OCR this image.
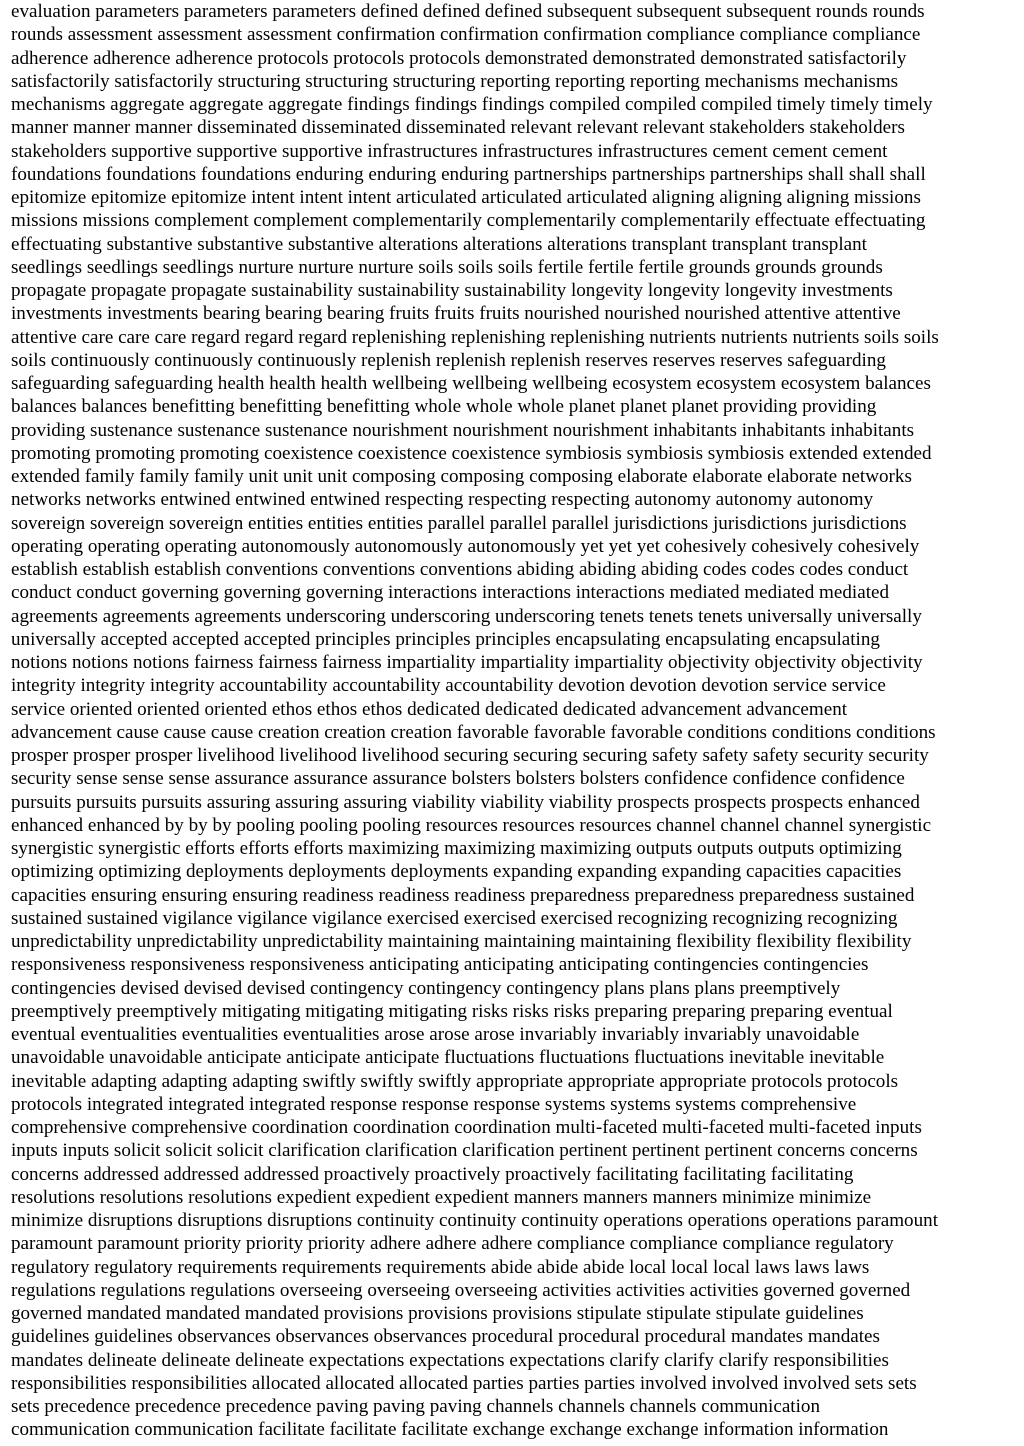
evaluation parameters parameters parameters defined defined defined subsequent subsequent subsequent rounds rounds
rounds assessment assessment assessment confirmation confirmation confirmation compliance compliance compliance
adherence adherence adherence protocols protocols protocols demonstrated demonstrated demonstrated satisfactorily
satisfactorily satisfactorily structuring structuring structuring reporting reporting reporting mechanisms mechanisms
mechanisms aggregate aggregate aggregate findings findings findings compiled compiled compiled timely timely timely
manner manner manner disseminated disseminated disseminated relevant relevant relevant stakeholders stakeholders
stakeholders supportive supportive supportive infrastructures infrastructures infrastructures cement cement cement
foundations foundations foundations enduring enduring enduring partnerships partnerships partnerships shall shall shall
epitomize epitomize epitomize intent intent intent articulated articulated articulated aligning aligning aligning missions
missions missions complement complement complementarily complementarily complementarily effectuate effectuating
effectuating substantive substantive substantive alterations alterations alterations transplant transplant transplant
seedlings seedlings seedlings nurture nurture nurture soils soils soils fertile fertile fertile grounds grounds grounds
propagate propagate propagate sustainability sustainability sustainability longevity longevity longevity investments
investments investments bearing bearing bearing fruits fruits fruits nourished nourished nourished attentive attentive
attentive care care care regard regard regard replenishing replenishing replenishing nutrients nutrients nutrients soils soils
soils continuously continuously continuously replenish replenish replenish reserves reserves reserves safeguarding
safeguarding safeguarding health health health wellbeing wellbeing wellbeing ecosystem ecosystem ecosystem balances
balances balances benefitting benefitting benefitting whole whole whole planet planet planet providing providing
providing sustenance sustenance sustenance nourishment nourishment nourishment inhabitants inhabitants inhabitants
promoting promoting promoting coexistence coexistence coexistence symbiosis symbiosis symbiosis extended extended
extended family family family unit unit unit composing composing composing elaborate elaborate elaborate networks
networks networks entwined entwined entwined respecting respecting respecting autonomy autonomy autonomy
sovereign sovereign sovereign entities entities entities parallel parallel parallel jurisdictions jurisdictions jurisdictions
operating operating operating autonomously autonomously autonomously yet yet yet cohesively cohesively cohesively
establish establish establish conventions conventions conventions abiding abiding abiding codes codes codes conduct
conduct conduct governing governing governing interactions interactions interactions mediated mediated mediated
agreements agreements agreements underscoring underscoring underscoring tenets tenets tenets universally universally
universally accepted accepted accepted principles principles principles encapsulating encapsulating encapsulating
notions notions notions fairness fairness fairness impartiality impartiality impartiality objectivity objectivity objectivity
integrity integrity integrity accountability accountability accountability devotion devotion devotion service service
service oriented oriented oriented ethos ethos ethos dedicated dedicated dedicated advancement advancement
advancement cause cause cause creation creation creation favorable favorable favorable conditions conditions conditions
prosper prosper prosper livelihood livelihood livelihood securing securing securing safety safety safety security security
security sense sense sense assurance assurance assurance bolsters bolsters bolsters confidence confidence confidence
pursuits pursuits pursuits assuring assuring assuring viability viability viability prospects prospects prospects enhanced
enhanced enhanced by by by pooling pooling pooling resources resources resources channel channel channel synergistic
synergistic synergistic efforts efforts efforts maximizing maximizing maximizing outputs outputs outputs optimizing
optimizing optimizing deployments deployments deployments expanding expanding expanding capacities capacities
capacities ensuring ensuring ensuring readiness readiness readiness preparedness preparedness preparedness sustained
sustained sustained vigilance vigilance vigilance exercised exercised exercised recognizing recognizing recognizing
unpredictability unpredictability unpredictability maintaining maintaining maintaining flexibility flexibility flexibility
responsiveness responsiveness responsiveness anticipating anticipating anticipating contingencies contingencies
contingencies devised devised devised contingency contingency contingency plans plans plans preemptively
preemptively preemptively mitigating mitigating mitigating risks risks risks preparing preparing preparing eventual
eventual eventualities eventualities eventualities arose arose arose invariably invariably invariably unavoidable
unavoidable unavoidable anticipate anticipate anticipate fluctuations fluctuations fluctuations inevitable inevitable
inevitable adapting adapting adapting swiftly swiftly swiftly appropriate appropriate appropriate protocols protocols
protocols integrated integrated integrated response response response systems systems systems comprehensive
comprehensive comprehensive coordination coordination coordination multi-faceted multi-faceted multi-faceted inputs
inputs inputs solicit solicit solicit clarification clarification clarification pertinent pertinent pertinent concerns concerns
concerns addressed addressed addressed proactively proactively proactively facilitating facilitating facilitating
resolutions resolutions resolutions expedient expedient expedient manners manners manners minimize minimize
minimize disruptions disruptions disruptions continuity continuity continuity operations operations operations paramount
paramount paramount priority priority priority adhere adhere adhere compliance compliance compliance regulatory
regulatory regulatory requirements requirements requirements abide abide abide local local local laws laws laws
regulations regulations regulations overseeing overseeing overseeing activities activities activities governed governed
governed mandated mandated mandated provisions provisions provisions stipulate stipulate stipulate guidelines
guidelines guidelines observances observances observances procedural procedural procedural mandates mandates
mandates delineate delineate delineate expectations expectations expectations clarify clarify clarify responsibilities
responsibilities responsibilities allocated allocated allocated parties parties parties involved involved involved sets sets
sets precedence precedence precedence paving paving paving channels channels channels communication
communication communication facilitate facilitate facilitate exchange exchange exchange information information
